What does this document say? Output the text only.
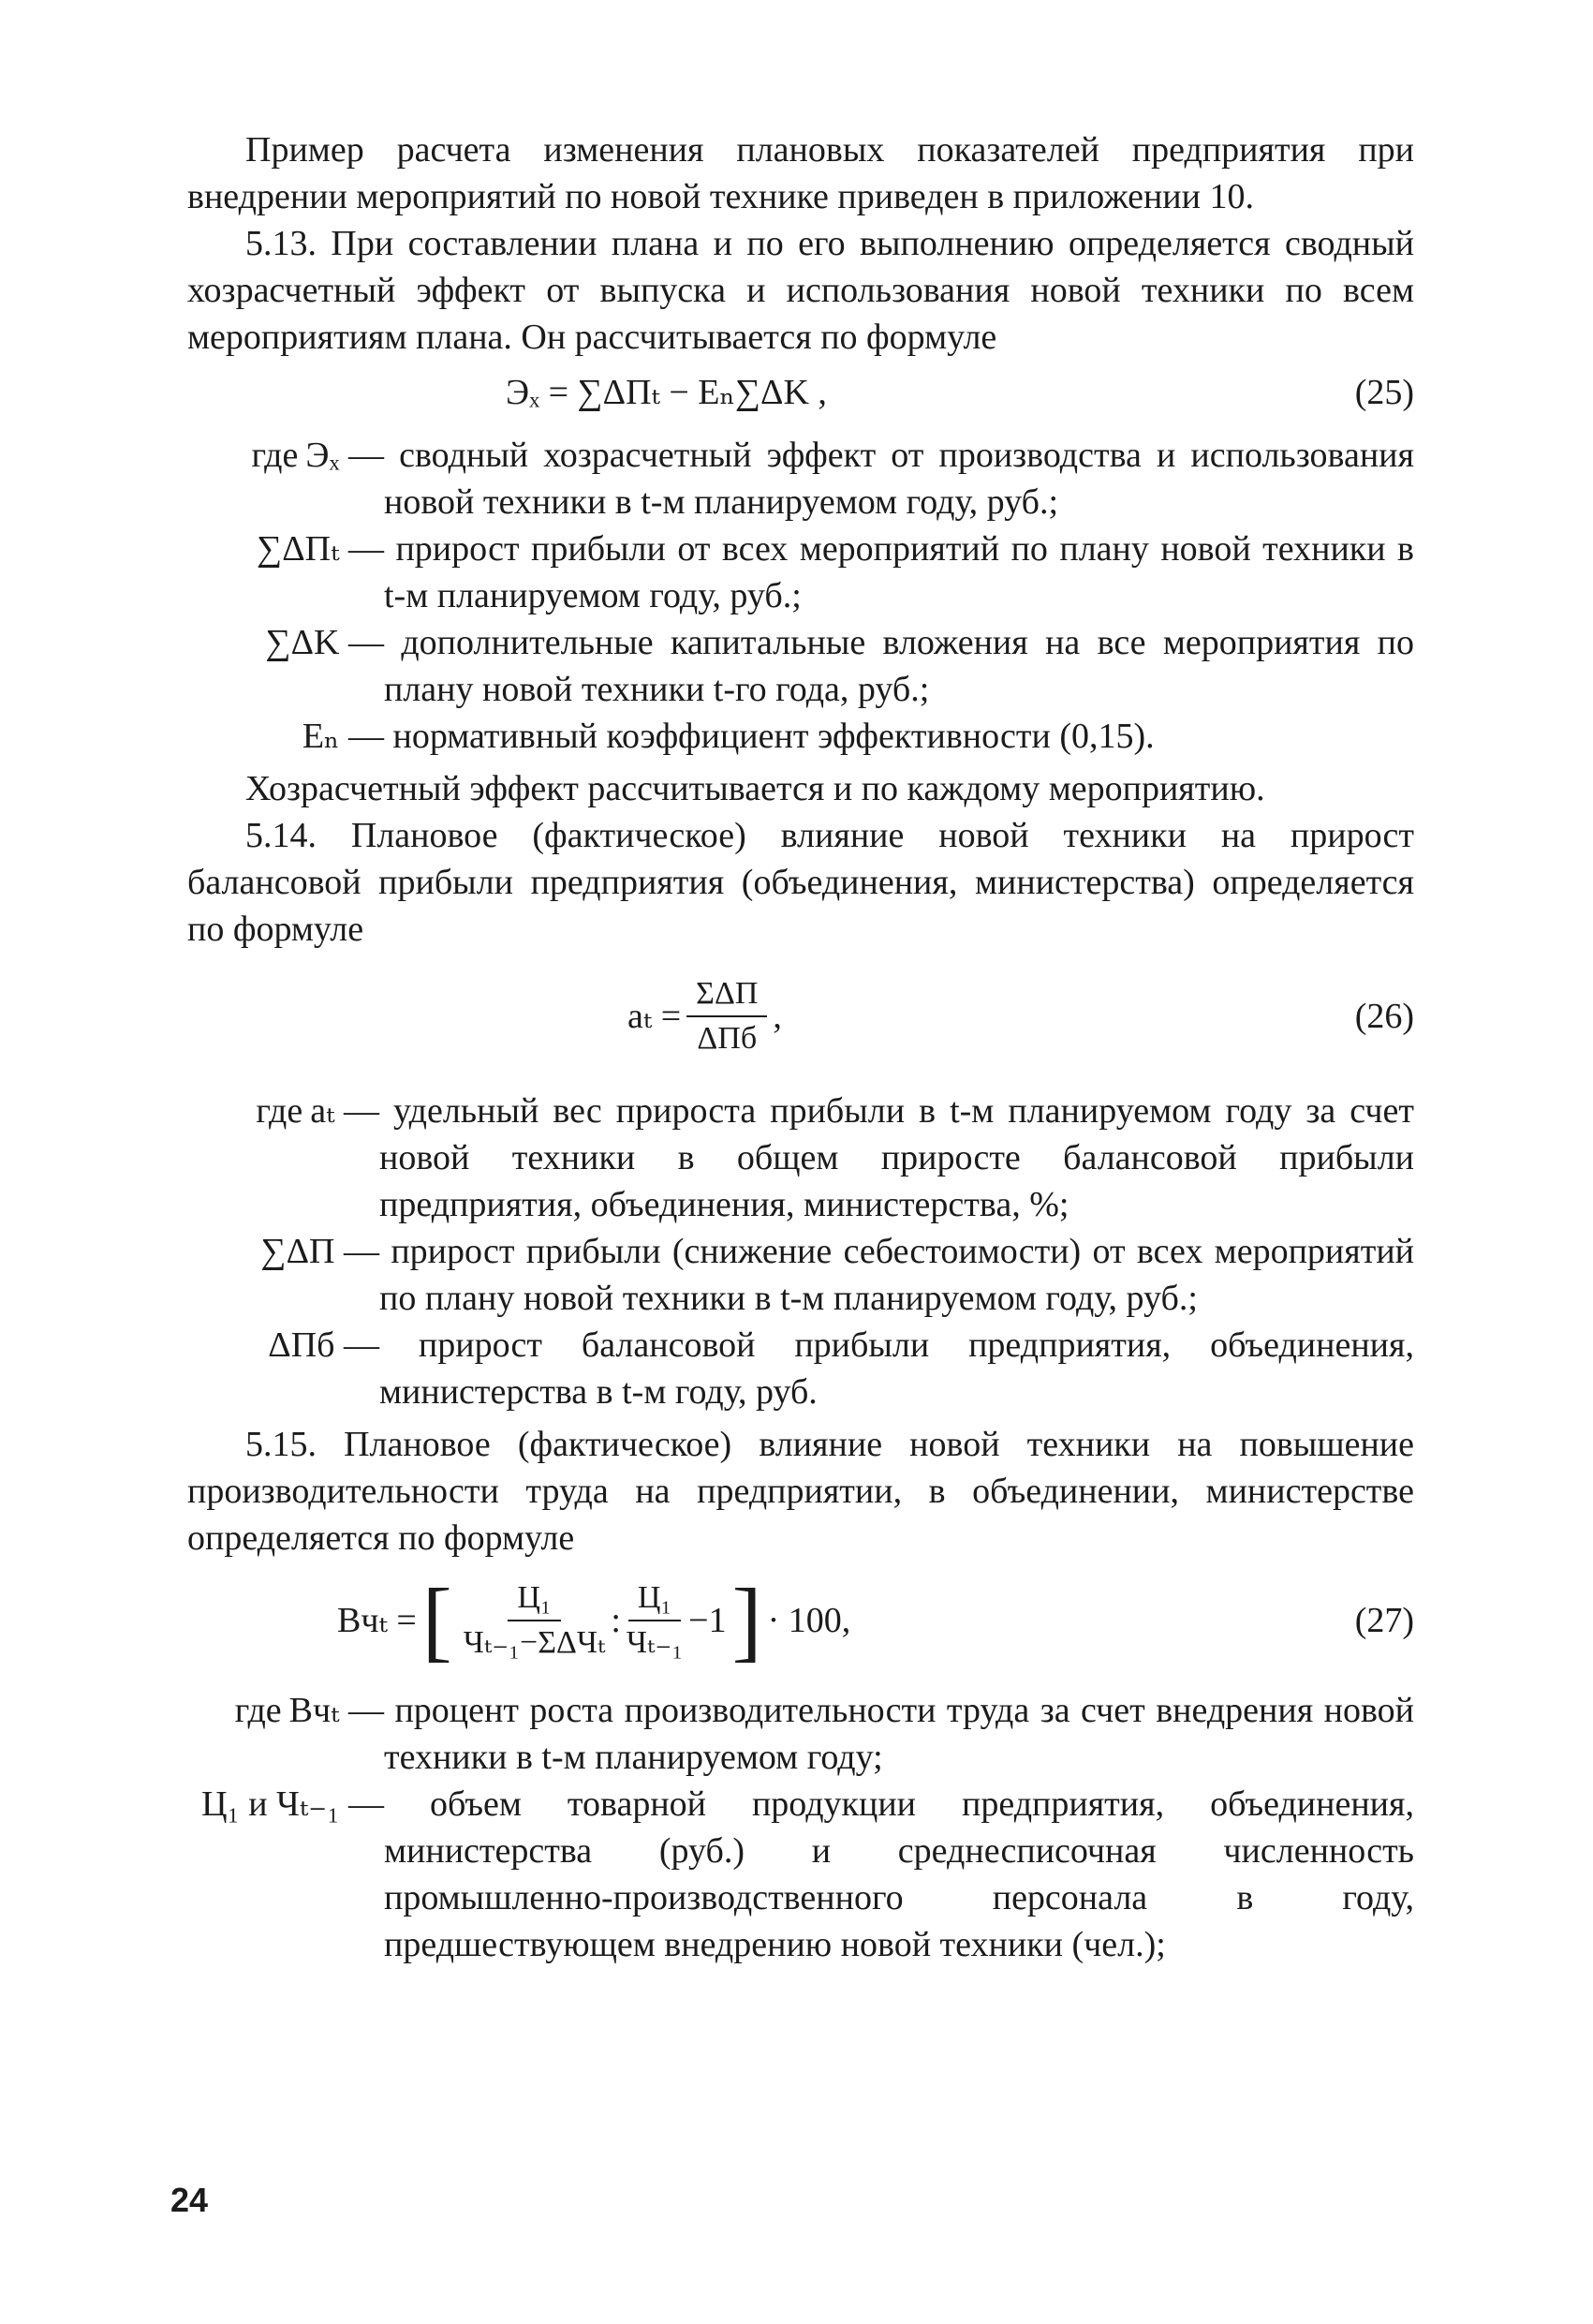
Пример расчета изменения плановых показателей предприятия при внедрении мероприятий по новой технике приведен в приложении 10.

5.13. При составлении плана и по его выполнению определяется сводный хозрасчетный эффект от выпуска и использования новой техники по всем мероприятиям плана. Он рассчитывается по формуле

Эₓ = ∑ΔПₜ − Eₙ∑ΔK ,	(25)
где Эₓ — сводный хозрасчетный эффект от производства и использования новой техники в t-м планируемом году, руб.;
∑ΔПₜ — прирост прибыли от всех мероприятий по плану новой техники в t-м планируемом году, руб.;
∑ΔK — дополнительные капитальные вложения на все мероприятия по плану новой техники t-го года, руб.;
Eₙ — нормативный коэффициент эффективности (0,15).

Хозрасчетный эффект рассчитывается и по каждому мероприятию.

5.14. Плановое (фактическое) влияние новой техники на прирост балансовой прибыли предприятия (объединения, министерства) определяется по формуле

$a_t = \frac{\text{ΣΔП}}{\text{ΔПб}}$ ,	(26)
где aₜ — удельный вес прироста прибыли в t-м планируемом году за счет новой техники в общем приросте балансовой прибыли предприятия, объединения, министерства, %;
∑ΔП — прирост прибыли (снижение себестоимости) от всех мероприятий по плану новой техники в t-м планируемом году, руб.;
ΔПб —	прирост балансовой прибыли предприятия, объединения, министерства в t-м году, руб.

5.15. Плановое (фактическое) влияние новой техники на повышение производительности труда на предприятии, в объединении, министерстве определяется по формуле

Bчₜ = [ $\frac{\text{Ц₁}}{\text{Чₜ₋₁−ΣΔЧₜ}}$ : $\frac{\text{Ц₁}}{\text{Чₜ₋₁}} -1$ ] · 100,	(27)
где Bчₜ — процент роста производительности труда за счет внедрения новой техники в t-м планируемом году;
Ц₁ и Чₜ₋₁ —	объем товарной продукции предприятия, объединения, министерства (руб.) и среднесписочная численность промышленно-производственного персонала в году, предшествующем внедрению новой техники (чел.);
24
